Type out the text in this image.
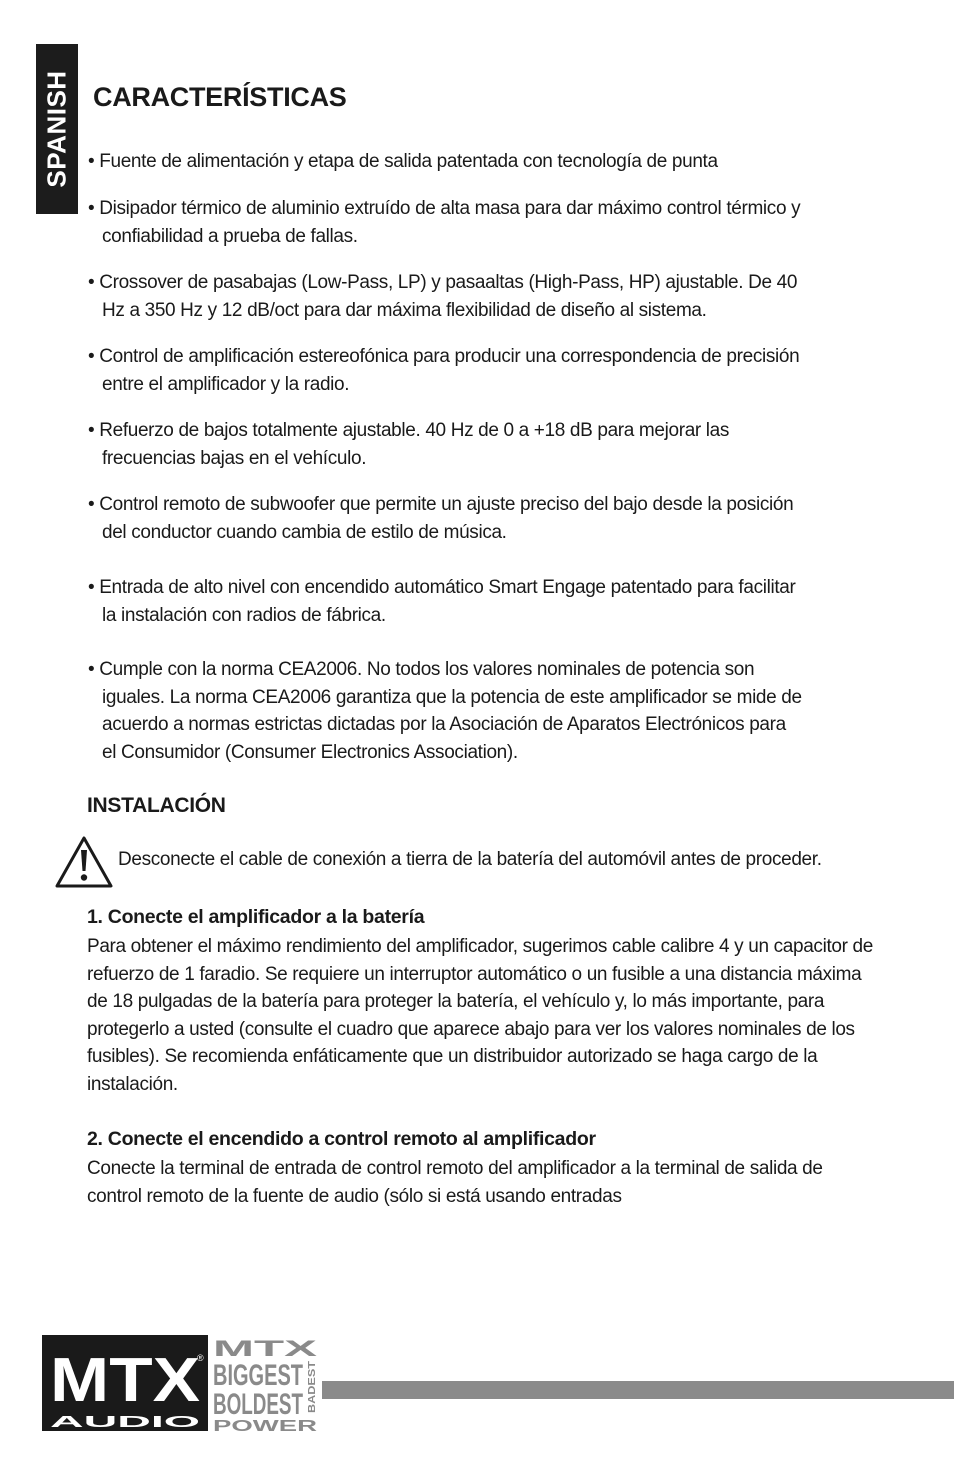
SPANISH CARACTERÍSTICAS
• Fuente de alimentación y etapa de salida patentada con tecnología de punta
• Disipador térmico de aluminio extruído de alta masa para dar máximo control térmico y confiabilidad a prueba de fallas.
• Crossover de pasabajas (Low-Pass, LP) y pasaaltas (High-Pass, HP) ajustable. De 40 Hz a 350 Hz y 12 dB/oct para dar máxima flexibilidad de diseño al sistema.
• Control de amplificación estereofónica para producir una correspondencia de precisión entre el amplificador y la radio.
• Refuerzo de bajos totalmente ajustable. 40 Hz de 0 a +18 dB para mejorar las frecuencias bajas en el vehículo.
• Control remoto de subwoofer que permite un ajuste preciso del bajo desde la posición del conductor cuando cambia de estilo de música.
• Entrada de alto nivel con encendido automático Smart Engage patentado para facilitar la instalación con radios de fábrica.
• Cumple con la norma CEA2006. No todos los valores nominales de potencia son iguales. La norma CEA2006 garantiza que la potencia de este amplificador se mide de acuerdo a normas estrictas dictadas por la Asociación de Aparatos Electrónicos para el Consumidor (Consumer Electronics Association).
INSTALACIÓN
Desconecte el cable de conexión a tierra de la batería del automóvil antes de proceder.
1. Conecte el amplificador a la batería

Para obtener el máximo rendimiento del amplificador, sugerimos cable calibre 4 y un capacitor de refuerzo de 1 faradio. Se requiere un interruptor automático o un fusible a una distancia máxima de 18 pulgadas de la batería para proteger la batería, el vehículo y, lo más importante, para protegerlo a usted (consulte el cuadro que aparece abajo para ver los valores nominales de los fusibles). Se recomienda enfáticamente que un distribuidor autorizado se haga cargo de la instalación.

2. Conecte el encendido a control remoto al amplificador

Conecte la terminal de entrada de control remoto del amplificador a la terminal de salida de control remoto de la fuente de audio (sólo si está usando entradas

MTX
®
AUDIO
MTX
BIGGEST
BOLDEST BADEST
POWER
